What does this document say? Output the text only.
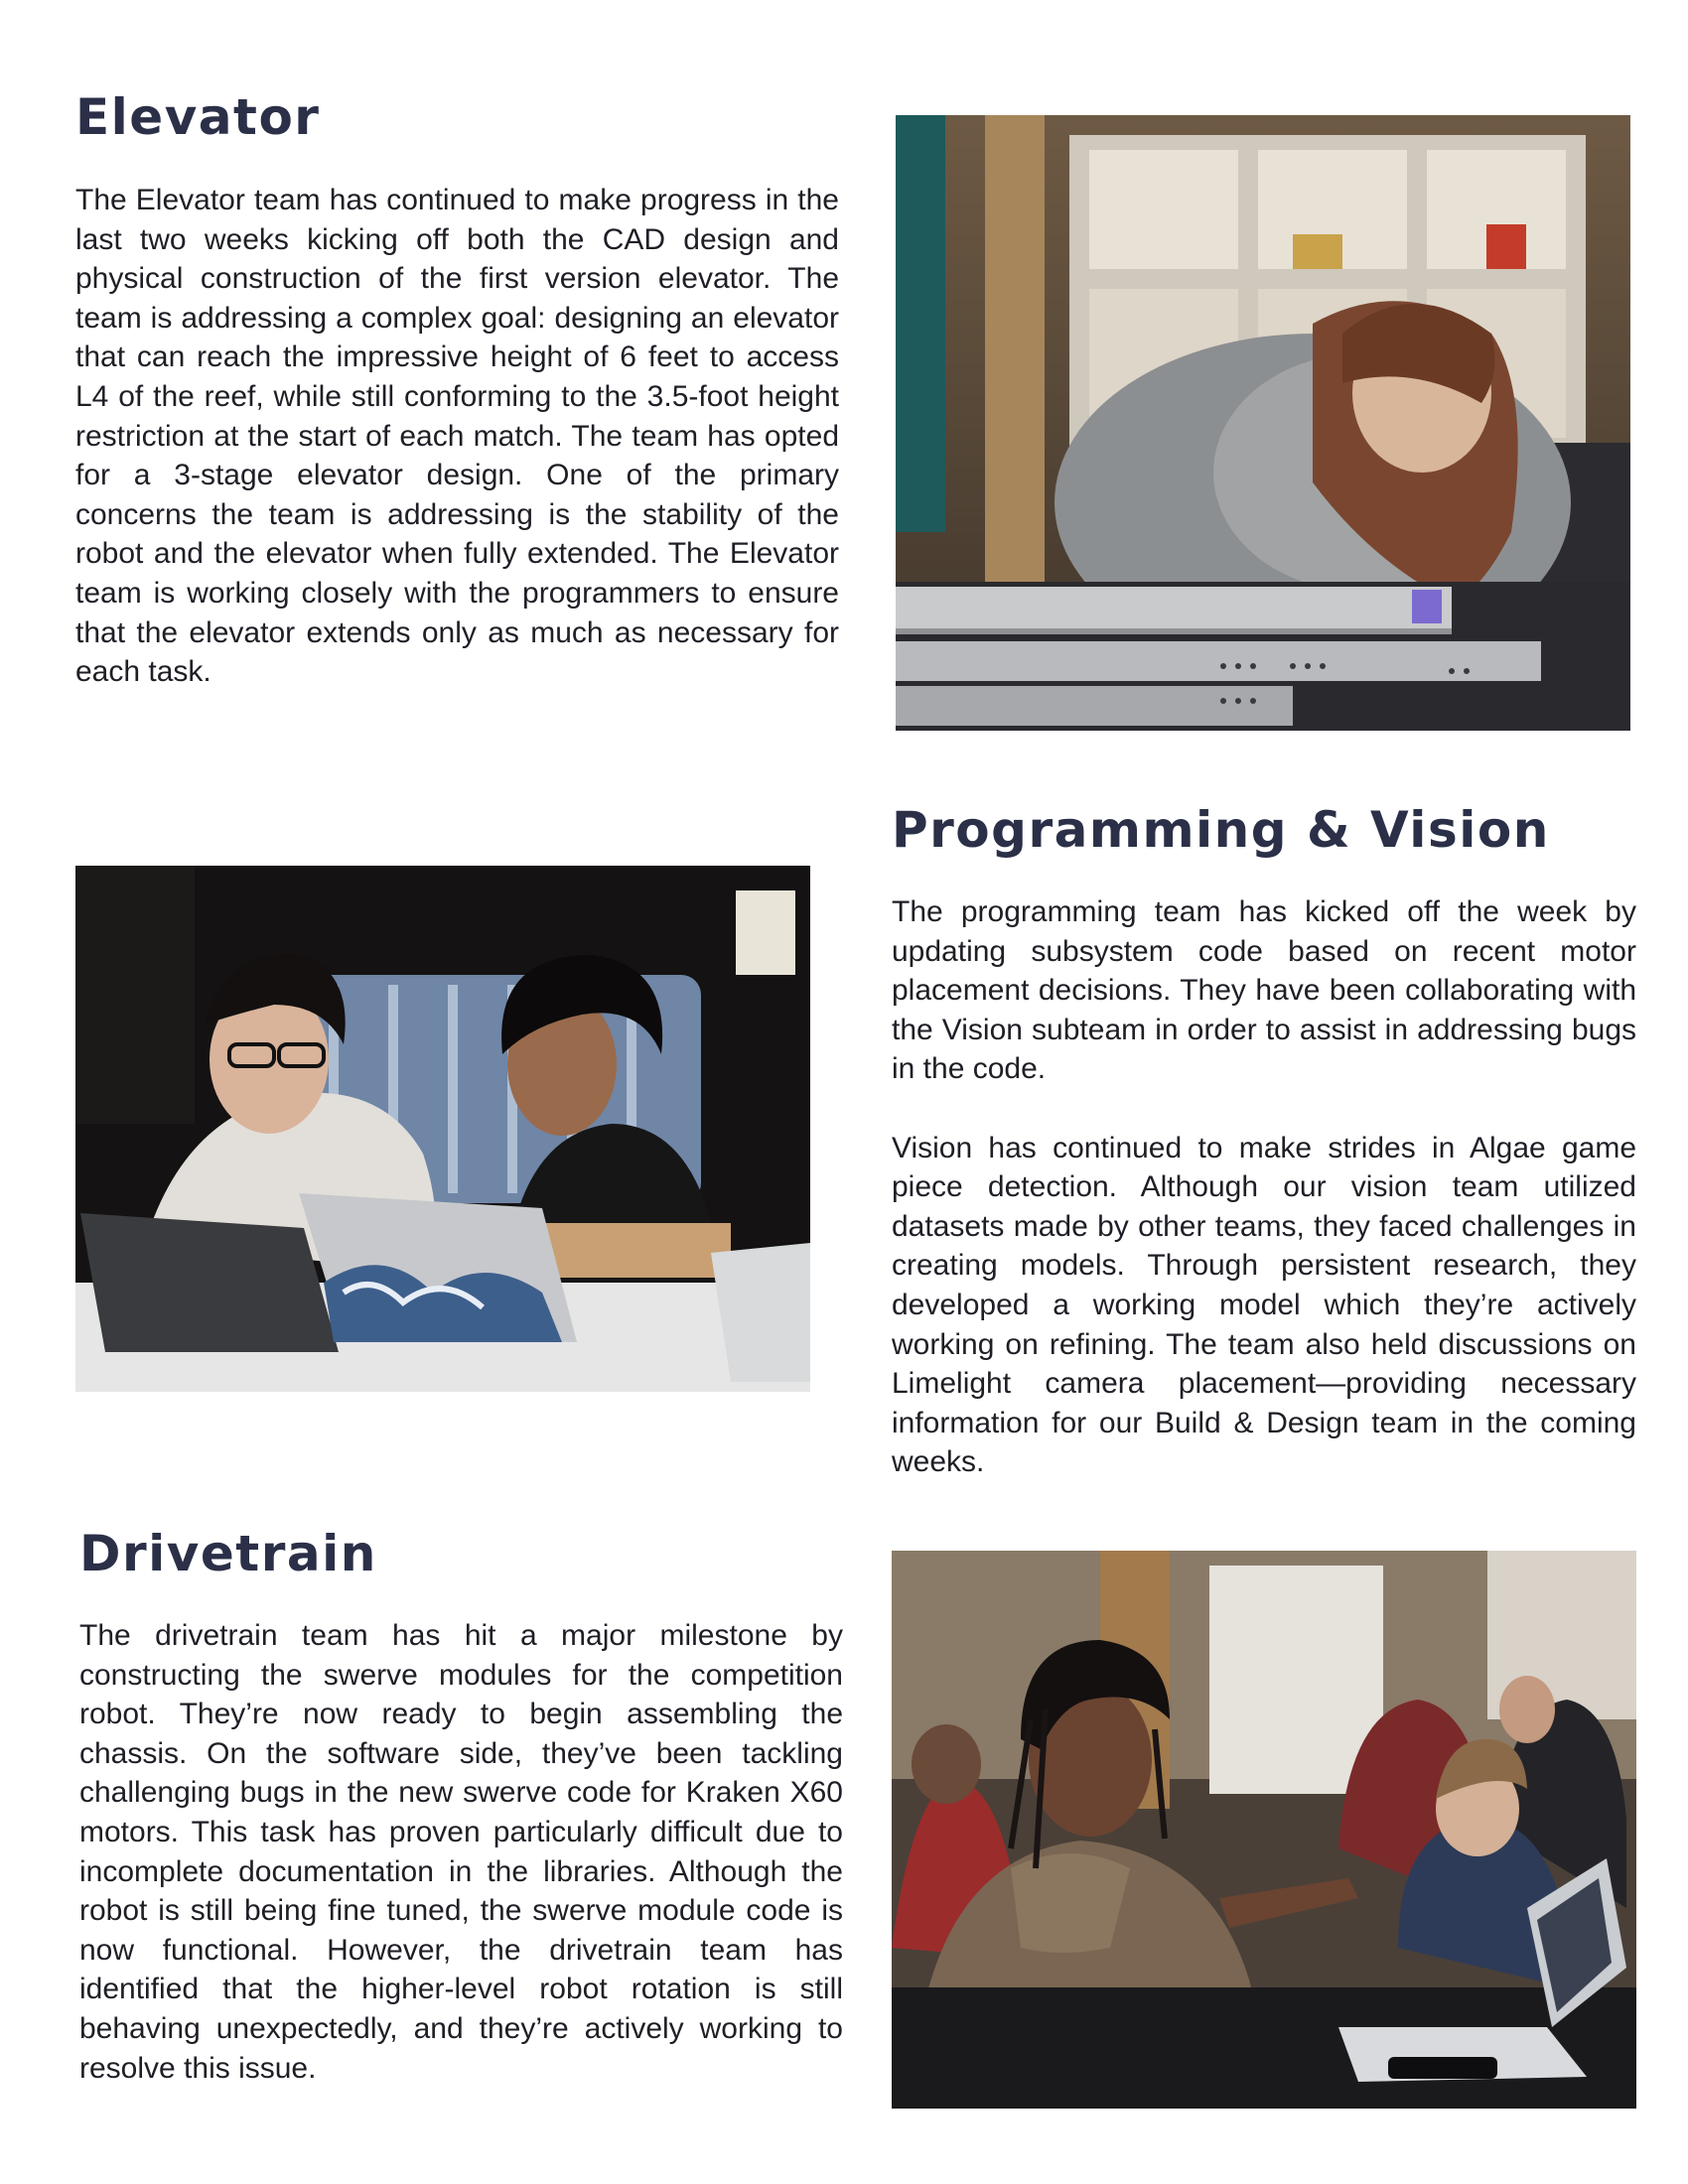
Elevator

The Elevator team has continued to make progress in the last two weeks kicking off both the CAD design and physical construction of the first version elevator. The team is addressing a complex goal: designing an elevator that can reach the impressive height of 6 feet to access L4 of the reef, while still conforming to the 3.5-foot height restriction at the start of each match. The team has opted for a 3-stage elevator design. One of the primary concerns the team is addressing is the stability of the robot and the elevator when fully extended. The Elevator team is working closely with the programmers to ensure that the elevator extends only as much as necessary for each task.

Programming & Vision

The programming team has kicked off the week by updating subsystem code based on recent motor placement decisions. They have been collaborating with the Vision subteam in order to assist in addressing bugs in the code.

Vision has continued to make strides in Algae game piece detection. Although our vision team utilized datasets made by other teams, they faced challenges in creating models. Through persistent research, they developed a working model which they’re actively working on refining. The team also held discussions on Limelight camera placement—providing necessary information for our Build & Design team in the coming weeks.

Drivetrain

The drivetrain team has hit a major milestone by constructing the swerve modules for the competition robot. They’re now ready to begin assembling the chassis. On the software side, they’ve been tackling challenging bugs in the new swerve code for Kraken X60 motors. This task has proven particularly difficult due to incomplete documentation in the libraries. Although the robot is still being fine tuned, the swerve module code is now functional. However, the drivetrain team has identified that the higher-level robot rotation is still behaving unexpectedly, and they’re actively working to resolve this issue.
